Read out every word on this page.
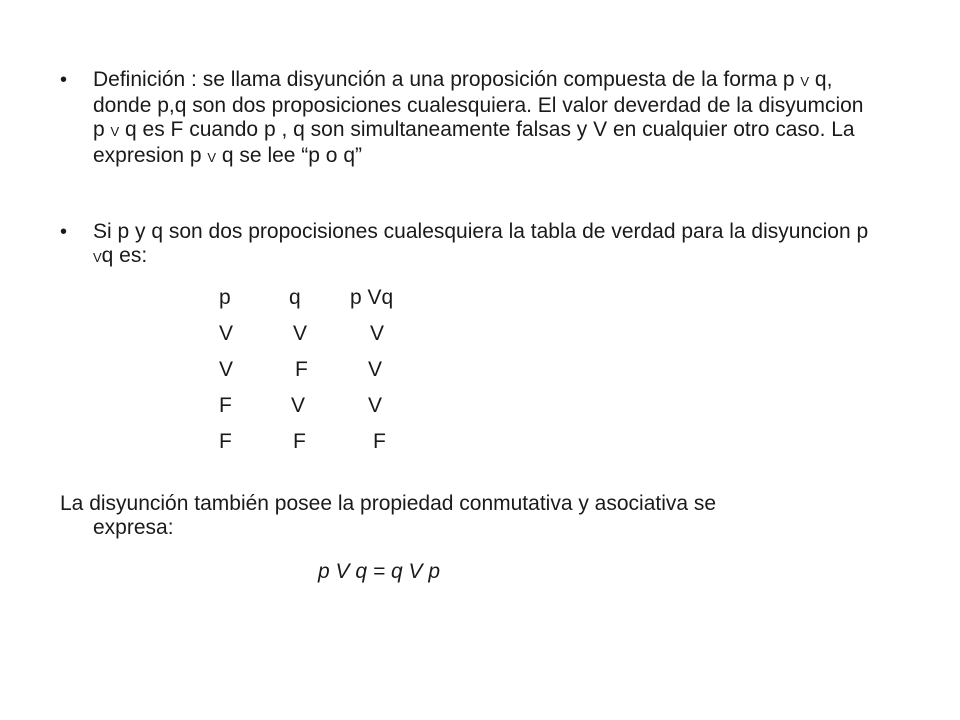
•	Definición : se llama disyunción a una proposición compuesta de la forma p V q, donde p,q son dos proposiciones cualesquiera. El valor deverdad de la disyumcion p V q es F cuando p , q son simultaneamente falsas y V en cualquier otro caso. La expresion p V q se lee “p o q”
•	Si p y q son dos propocisiones cualesquiera la tabla de verdad para la disyuncion p Vq es:
p	q p Vq
V	V	V
V	F	V
F	V	V
F	F	F
La disyunción también posee la propiedad conmutativa y asociativa se
expresa:
p V q = q V p
